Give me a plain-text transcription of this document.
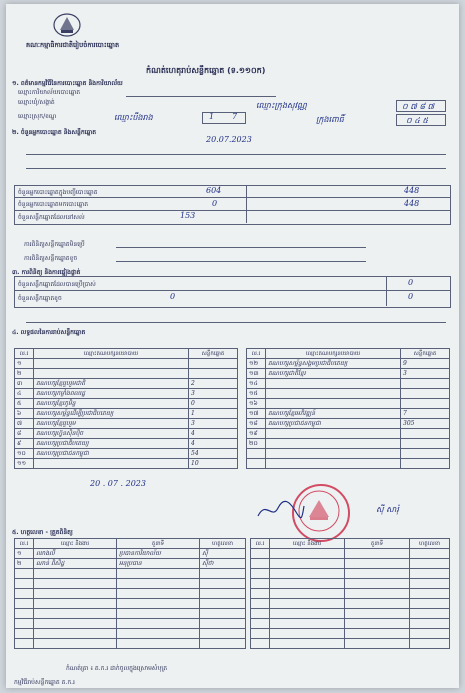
គណៈកម្មាធិការជាតិរៀបចំការបោះឆ្នោត
កំណត់ហេតុរាប់សន្លឹកឆ្នោត (ទ.១១០ក)
១. ពត៌មានកម្មវិធីនៃការបោះឆ្នោត និងការិយាល័យ
ឈ្មោះការិយាល័យបោះឆ្នោត
ឈ្មោះឃុំ/សង្កាត់	ឈ្មោះក្រុងសុវណ្ណ	០ ៧ ៨ ៧
ឈ្មោះស្រុក/ខណ្ឌ	ឈ្មោះបឹងរាង	1 7	ក្រុងពោធិ៍	០ ៤ ៥
២. ចំនួនអ្នកបោះឆ្នោត និងសន្លឹកឆ្នោត
20.07.2023
ចំនួនអ្នកបោះឆ្នោតក្នុងបញ្ជីបោះឆ្នោត	604	448
ចំនួនអ្នកបោះឆ្នោតមកបោះឆ្នោត	0	448
ចំនួនសន្លឹកឆ្នោតដែលនៅសល់	153
ការពិនិត្យសន្លឹកឆ្នោតមិនប្រើ
ការពិនិត្យសន្លឹកឆ្នោតខូច
៣. ការពិនិត្យ និងការផ្ទៀងផ្ទាត់
ចំនួនសន្លឹកឆ្នោតដែលបានប្រើប្រាស់	0
ចំនួនសន្លឹកឆ្នោតខូច	0	0
៤. លទ្ធផលនៃការរាប់សន្លឹកឆ្នោត
ល.រ	ឈ្មោះគណបក្សនយោបាយ	សន្លឹកឆ្នោត
១		
២		
៣	គណបក្សខ្មែររួបរួមជាតិ	2
៤	គណបក្សកម្លាំងពលរដ្ឋ	3
៥	គណបក្សខ្មែរភូមិន្ទ	0
៦	គណបក្សសម្ព័ន្ធដើម្បីប្រជាធិបតេយ្យ	1
៧	គណបក្សខ្មែររួបរួម	3
៨	គណបក្សហ្វ៊ុនស៊ិនប៉ិច	4
៩	គណបក្សប្រជាធិបតេយ្យ	4
១០	គណបក្សប្រជាជនកម្ពុជា	54
១១		10
ល.រ	ឈ្មោះគណបក្សនយោបាយ	សន្លឹកឆ្នោត
១២	គណបក្សសម្ព័ន្ធសង្គមប្រជាធិបតេយ្យ	9
១៣	គណបក្សជាតិខ្មែរ	3
១៤		
១៥		
១៦		
១៧	គណបក្សខ្មែរអភិវឌ្ឍន៍	7
១៨	គណបក្សប្រជាជនកម្ពុជា	305
១៩		
២០		

20 . 07 . 2023
ស៊ី សារ៉ុ
៥. ហត្ថលេខា - ត្រួតពិនិត្យ
ល.រ	ឈ្មោះ និងងារ	តួនាទី	ហត្ថលេខា
១	ឈាងលី	ប្រធានការិយាល័យ	ស៊ី
២	ណាន់ ពិសិដ្ឋ	អនុប្រធាន	ស៊ីថា

ល.រ	ឈ្មោះ និងងារ	តួនាទី	ហត្ថលេខា

កំណត់ត្រា ៖ ត.ក.រ ដាក់ចូលក្នុងស្រោមសំបុត្រ
កម្មវិធីរាប់សន្លឹកឆ្នោត ត.ក.រ
